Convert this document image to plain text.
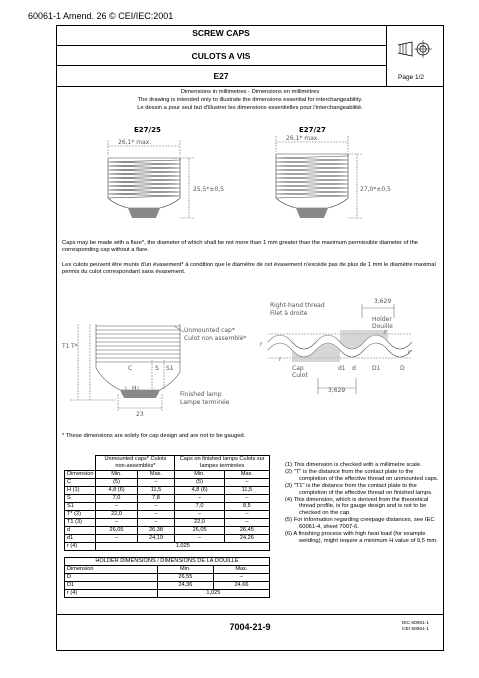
60061-1 Amend. 26 © CEI/IEC:2001
SCREW CAPS
CULOTS A VIS
E27	Page 1/2
Dimensions in millimetres - Dimensions en millimètres
The drawing is intended only to illustrate the dimensions essential for interchangeability.
Le dessin a pour seul but d'illustrer les dimensions essentielles pour l'interchangeabilité.
E27/25	E27/27
26,1* max.
25,5*±0,5
26,1* max.
27,0*±0,5
Caps may be made with a flare*, the diameter of which shall be not more than 1 mm greater than the maximum permissible diameter of the corresponding cap without a flare.
Les culots peuvent être munis d'un évasement* à condition que le diamètre de cet évasement n'excède pas de plus de 1 mm le diamètre maximal permis du culot correspondant sans évasement.
T1 T*
Unmounted cap*
Culot non assemblé*
C	S S1
H
Finished lamp
Lampe terminée
23
Right-hand thread
Filet à droite
3,629
Holder
Douille
Cap
Culot
3,629
r
r
r
r
d1 d	D1	D
* These dimensions are solely for cap design and are not to be gauged.
	Unmounted caps* Culots non-assemblés*		Caps on finished lamps Culots sur lampes terminées	
Dimension	Min.	Max.	Min.	Max.
C	(5)	–	(5)	–
H (1)	4,8 (6)	11,5	4,8 (6)	11,5
S	7,0	7,8	–	–
S1	–	–	7,0	8,5
T* (2)	22,0	–	–	–
T1 (3)	–	–	22,0	–
d	26,05	26,38	26,05	26,45
d1	–	24,19	–	24,26
r (4)	1,025			
HOLDER DIMENSIONS / DIMENSIONS DE LA DOUILLE		
Dimension	Min.	Max.
D	26,55	–
D1	24,36	24,66
r (4)	1,025	
(1) This dimension is checked with a millimetre scale.
(2) "T" is the distance from the contact plate to the completion of the effective thread on unmounted caps.
(3) "T1" is the distance from the contact plate to the completion of the effective thread on finished lamps.
(4) This dimension, which is derived from the theoretical thread profile, is for gauge design and is not to be checked on the cap.
(5) For information regarding creepage distances, see IEC 60061-4, sheet 7007-6.
(6) A finishing process with high heat load (for example welding), might require a minimum H value of 9,5 mm.
7004-21-9	IEC 60061-1
CEI 60061-1
